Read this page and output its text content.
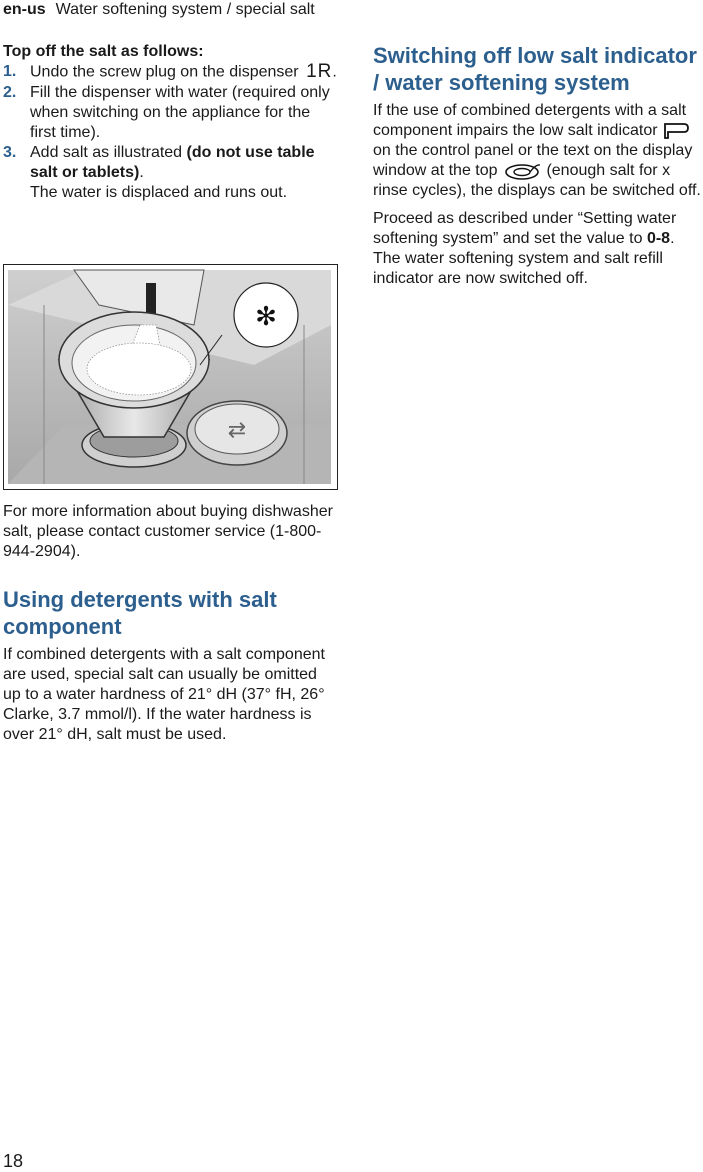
en-us Water softening system / special salt

Top off the salt as follows:

1. Undo the screw plug on the dispenser 1R.
2. Fill the dispenser with water (required only when switching on the appliance for the first time).
3. Add salt as illustrated (do not use table salt or tablets).
The water is displaced and runs out.
⇄
✻

For more information about buying dishwasher salt, please contact customer service (1-800-944-2904).

Using detergents with salt component

If combined detergents with a salt component are used, special salt can usually be omitted up to a water hardness of 21° dH (37° fH, 26° Clarke, 3.7 mmol/l). If the water hardness is over 21° dH, salt must be used.

Switching off low salt indicator / water softening system

If the use of combined detergents with a salt component impairs the low salt indicator  on the control panel or the text on the display window at the top	(enough salt for x rinse cycles), the displays can be switched off.

Proceed as described under “Setting water softening system” and set the value to 0-8. The water softening system and salt refill indicator are now switched off.

18
